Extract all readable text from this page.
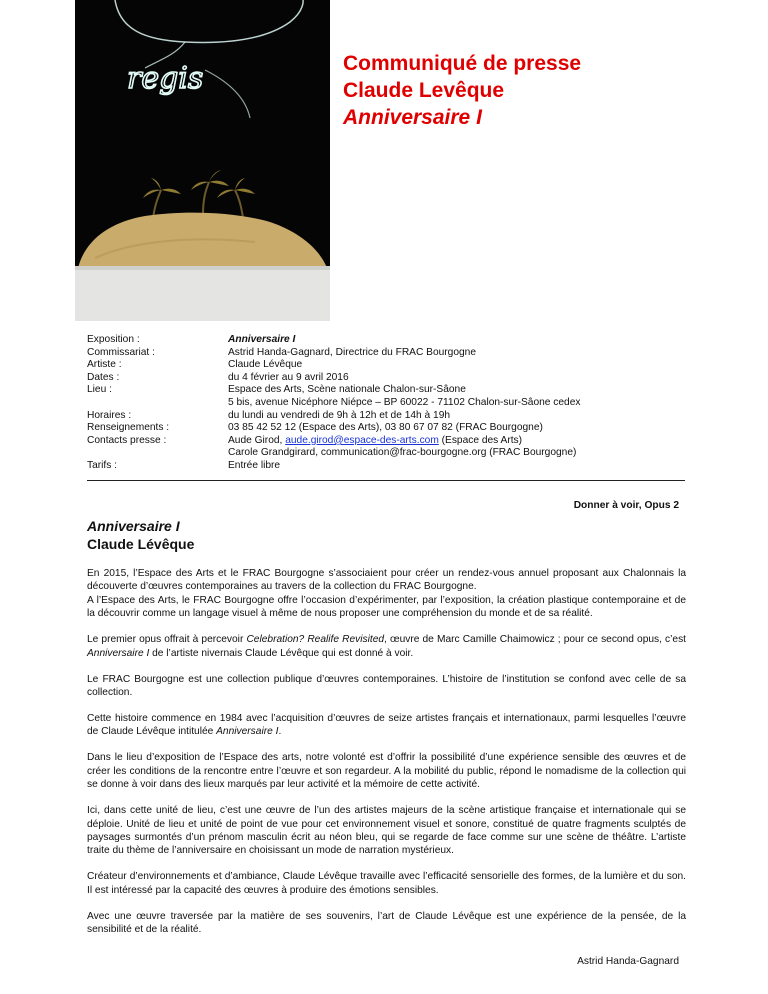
regis	Communiqué de presse
Claude Levêque
Anniversaire I
Exposition :	Anniversaire I
Commissariat :	Astrid Handa-Gagnard, Directrice du FRAC Bourgogne
Artiste :	Claude Lévêque
Dates :	du 4 février au 9 avril 2016
Lieu :	Espace des Arts, Scène nationale Chalon-sur-Sâone
5 bis, avenue Nicéphore Niépce – BP 60022 - 71102 Chalon-sur-Sâone cedex
Horaires :	du lundi au vendredi de 9h à 12h et de 14h à 19h
Renseignements :	03 85 42 52 12 (Espace des Arts), 03 80 67 07 82 (FRAC Bourgogne)
Contacts presse :	Aude Girod, aude.girod@espace-des-arts.com (Espace des Arts)
Carole Grandgirard, communication@frac-bourgogne.org (FRAC Bourgogne)
Tarifs :	Entrée libre
Donner à voir, Opus 2
Anniversaire I
Claude Lévêque

En 2015, l’Espace des Arts et le FRAC Bourgogne s’associaient pour créer un rendez-vous annuel proposant aux Chalonnais la découverte d’œuvres contemporaines au travers de la collection du FRAC Bourgogne.

A l’Espace des Arts, le FRAC Bourgogne offre l’occasion d’expérimenter, par l’exposition, la création plastique contemporaine et de la découvrir comme un langage visuel à même de nous proposer une compréhension du monde et de sa réalité.

Le premier opus offrait à percevoir Celebration? Realife Revisited, œuvre de Marc Camille Chaimowicz ; pour ce second opus, c’est Anniversaire I de l’artiste nivernais Claude Lévêque qui est donné à voir.

Le FRAC Bourgogne est une collection publique d’œuvres contemporaines. L’histoire de l’institution se confond avec celle de sa collection.

Cette histoire commence en 1984 avec l’acquisition d’œuvres de seize artistes français et internationaux, parmi lesquelles l’œuvre de Claude Lévêque intitulée Anniversaire I.

Dans le lieu d’exposition de l’Espace des arts, notre volonté est d’offrir la possibilité d’une expérience sensible des œuvres et de créer les conditions de la rencontre entre l’œuvre et son regardeur. A la mobilité du public, répond le nomadisme de la collection qui se donne à voir dans des lieux marqués par leur activité et la mémoire de cette activité.

Ici, dans cette unité de lieu, c’est une œuvre de l’un des artistes majeurs de la scène artistique française et internationale qui se déploie. Unité de lieu et unité de point de vue pour cet environnement visuel et sonore, constitué de quatre fragments sculptés de paysages surmontés d’un prénom masculin écrit au néon bleu, qui se regarde de face comme sur une scène de théâtre. L’artiste traite du thème de l’anniversaire en choisissant un mode de narration mystérieux.

Créateur d’environnements et d’ambiance, Claude Lévêque travaille avec l’efficacité sensorielle des formes, de la lumière et du son. Il est intéressé par la capacité des œuvres à produire des émotions sensibles.

Avec une œuvre traversée par la matière de ses souvenirs, l’art de Claude Lévêque est une expérience de la pensée, de la sensibilité et de la réalité.

Astrid Handa-Gagnard
